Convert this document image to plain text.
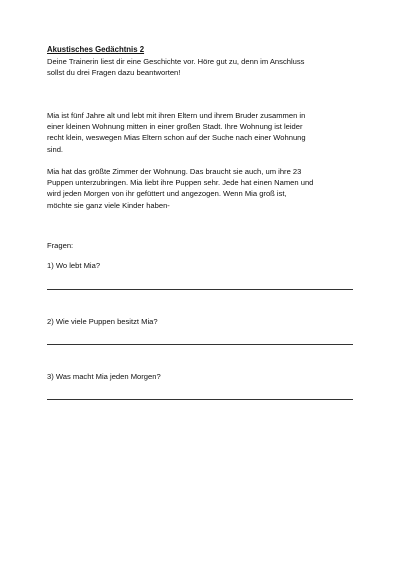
Akustisches Gedächtnis 2
Deine Trainerin liest dir eine Geschichte vor. Höre gut zu, denn im Anschluss
sollst du drei Fragen dazu beantworten!
Mia ist fünf Jahre alt und lebt mit ihren Eltern und ihrem Bruder zusammen in
einer kleinen Wohnung mitten in einer großen Stadt. Ihre Wohnung ist leider
recht klein, weswegen Mias Eltern schon auf der Suche nach einer Wohnung
sind.
Mia hat das größte Zimmer der Wohnung. Das braucht sie auch, um ihre 23
Puppen unterzubringen. Mia liebt ihre Puppen sehr. Jede hat einen Namen und
wird jeden Morgen von ihr gefüttert und angezogen. Wenn Mia groß ist,
möchte sie ganz viele Kinder haben-
Fragen:
1) Wo lebt Mia?
2) Wie viele Puppen besitzt Mia?
3) Was macht Mia jeden Morgen?
